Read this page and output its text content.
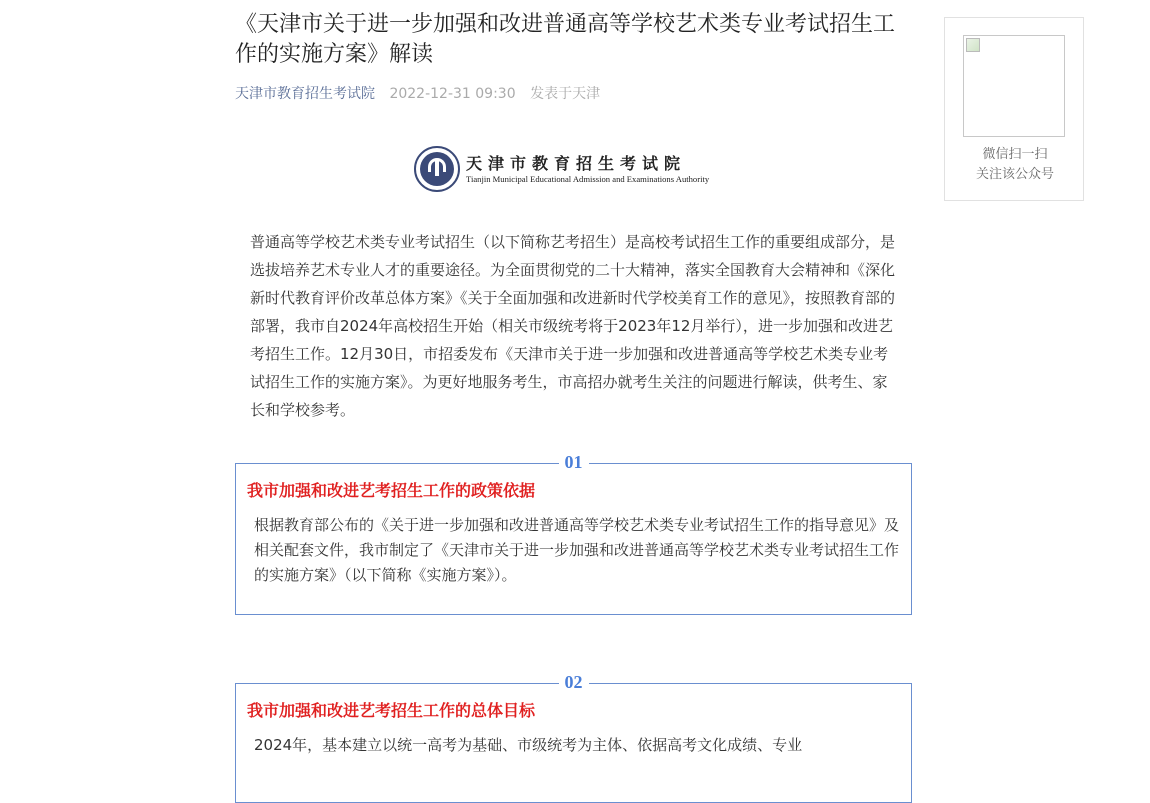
《天津市关于进一步加强和改进普通高等学校艺术类专业考试招生工作的实施方案》解读
天津市教育招生考试院 2022-12-31 09:30 发表于天津
天津市教育招生考试院
Tianjin Municipal Educational Admission and Examinations Authority

普通高等学校艺术类专业考试招生（以下简称艺考招生）是高校考试招生工作的重要组成部分，是选拔培养艺术专业人才的重要途径。为全面贯彻党的二十大精神，落实全国教育大会精神和《深化新时代教育评价改革总体方案》《关于全面加强和改进新时代学校美育工作的意见》，按照教育部的部署，我市自2024年高校招生开始（相关市级统考将于2023年12月举行），进一步加强和改进艺考招生工作。12月30日，市招委发布《天津市关于进一步加强和改进普通高等学校艺术类专业考试招生工作的实施方案》。为更好地服务考生，市高招办就考生关注的问题进行解读，供考生、家长和学校参考。

01
我市加强和改进艺考招生工作的政策依据

根据教育部公布的《关于进一步加强和改进普通高等学校艺术类专业考试招生工作的指导意见》及相关配套文件，我市制定了《天津市关于进一步加强和改进普通高等学校艺术类专业考试招生工作的实施方案》（以下简称《实施方案》）。

02
我市加强和改进艺考招生工作的总体目标

2024年，基本建立以统一高考为基础、市级统考为主体、依据高考文化成绩、专业

微信扫一扫
关注该公众号
